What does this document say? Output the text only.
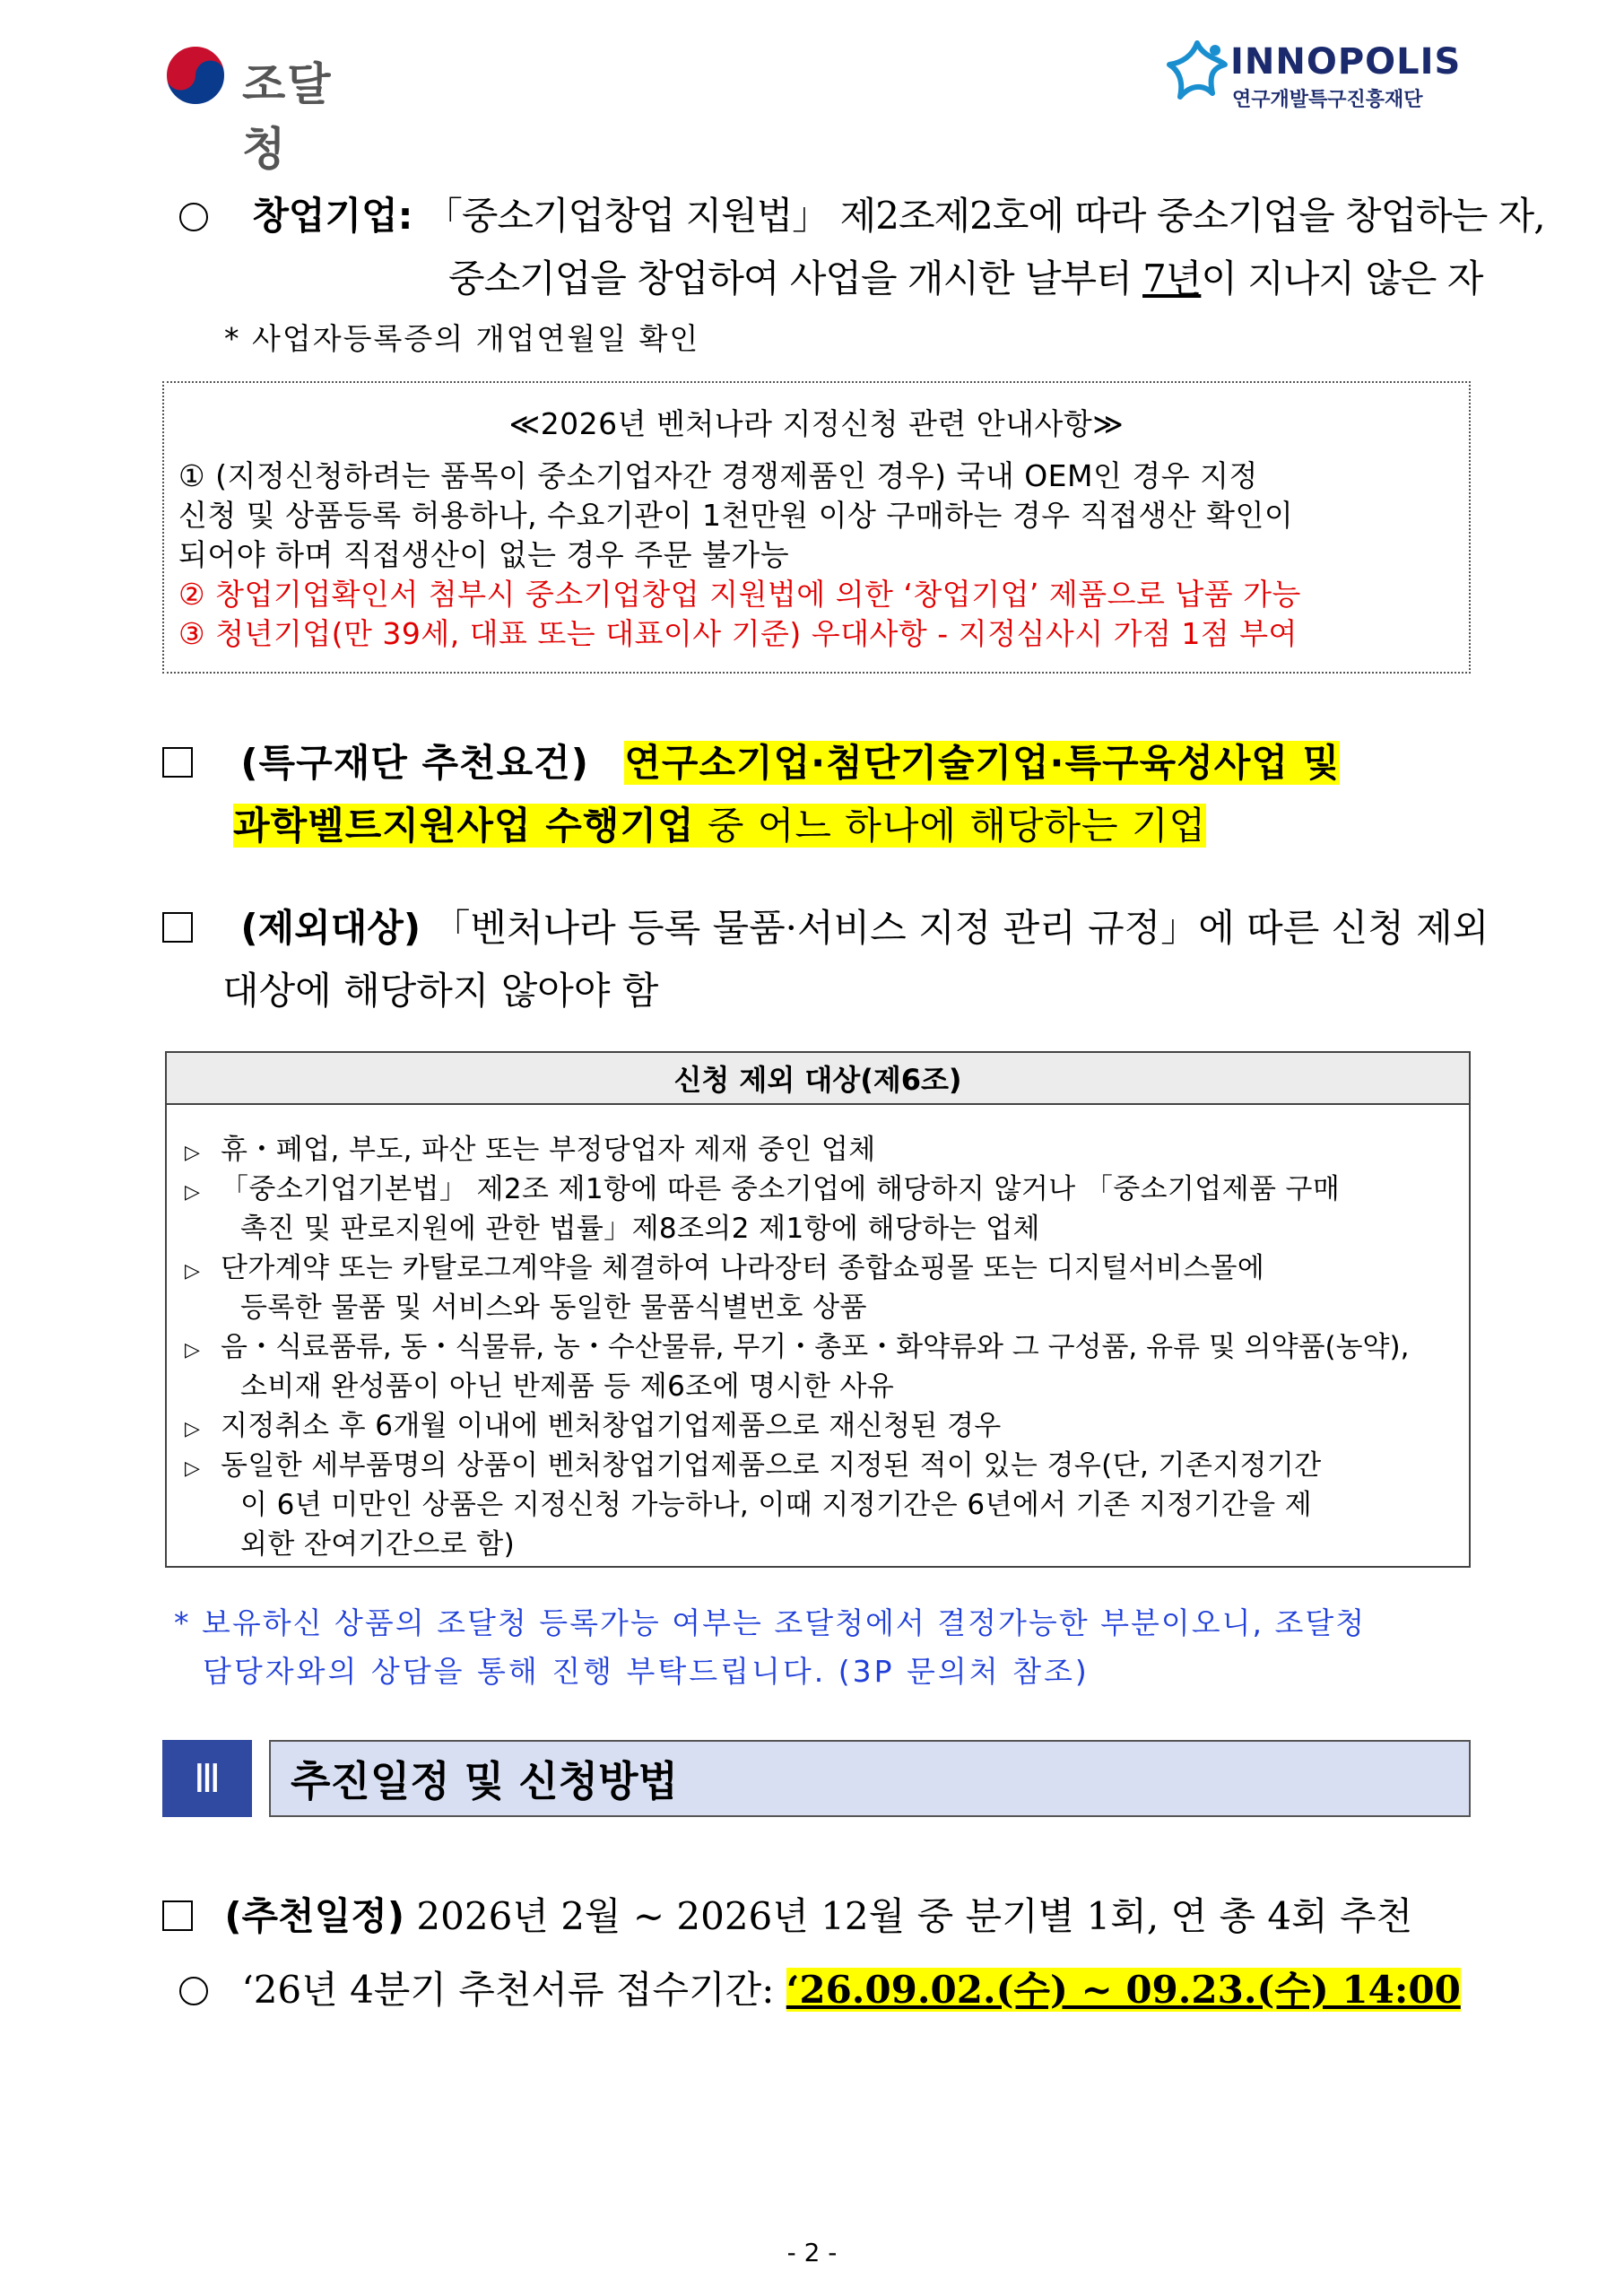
조달청
INNOPOLIS
연구개발특구진흥재단
창업기업: 「중소기업창업 지원법」 제2조제2호에 따라 중소기업을 창업하는 자,
중소기업을 창업하여 사업을 개시한 날부터 7년이 지나지 않은 자
* 사업자등록증의 개업연월일 확인
≪2026년 벤처나라 지정신청 관련 안내사항≫
① (지정신청하려는 품목이 중소기업자간 경쟁제품인 경우) 국내 OEM인 경우 지정
신청 및 상품등록 허용하나, 수요기관이 1천만원 이상 구매하는 경우 직접생산 확인이
되어야 하며 직접생산이 없는 경우 주문 불가능
② 창업기업확인서 첨부시 중소기업창업 지원법에 의한 ‘창업기업’ 제품으로 납품 가능
③ 청년기업(만 39세, 대표 또는 대표이사 기준) 우대사항 - 지정심사시 가점 1점 부여
(특구재단 추천요건) 연구소기업·첨단기술기업·특구육성사업 및
과학벨트지원사업 수행기업 중 어느 하나에 해당하는 기업
(제외대상) 「벤처나라 등록 물품·서비스 지정 관리 규정」에 따른 신청 제외
대상에 해당하지 않아야 함
신청 제외 대상(제6조)
▷ 휴・폐업, 부도, 파산 또는 부정당업자 제재 중인 업체
▷ 「중소기업기본법」 제2조 제1항에 따른 중소기업에 해당하지 않거나 「중소기업제품 구매
촉진 및 판로지원에 관한 법률」제8조의2 제1항에 해당하는 업체
▷ 단가계약 또는 카탈로그계약을 체결하여 나라장터 종합쇼핑몰 또는 디지털서비스몰에
등록한 물품 및 서비스와 동일한 물품식별번호 상품
▷ 음・식료품류, 동・식물류, 농・수산물류, 무기・총포・화약류와 그 구성품, 유류 및 의약품(농약),
소비재 완성품이 아닌 반제품 등 제6조에 명시한 사유
▷ 지정취소 후 6개월 이내에 벤처창업기업제품으로 재신청된 경우
▷ 동일한 세부품명의 상품이 벤처창업기업제품으로 지정된 적이 있는 경우(단, 기존지정기간
이 6년 미만인 상품은 지정신청 가능하나, 이때 지정기간은 6년에서 기존 지정기간을 제
외한 잔여기간으로 함)
* 보유하신 상품의 조달청 등록가능 여부는 조달청에서 결정가능한 부분이오니, 조달청
담당자와의 상담을 통해 진행 부탁드립니다. (3P 문의처 참조)
Ⅲ	추진일정 및 신청방법
(추천일정) 2026년 2월 ~ 2026년 12월 중 분기별 1회, 연 총 4회 추천
‘26년 4분기 추천서류 접수기간: ‘26.09.02.(수) ~ 09.23.(수) 14:00
- 2 -
